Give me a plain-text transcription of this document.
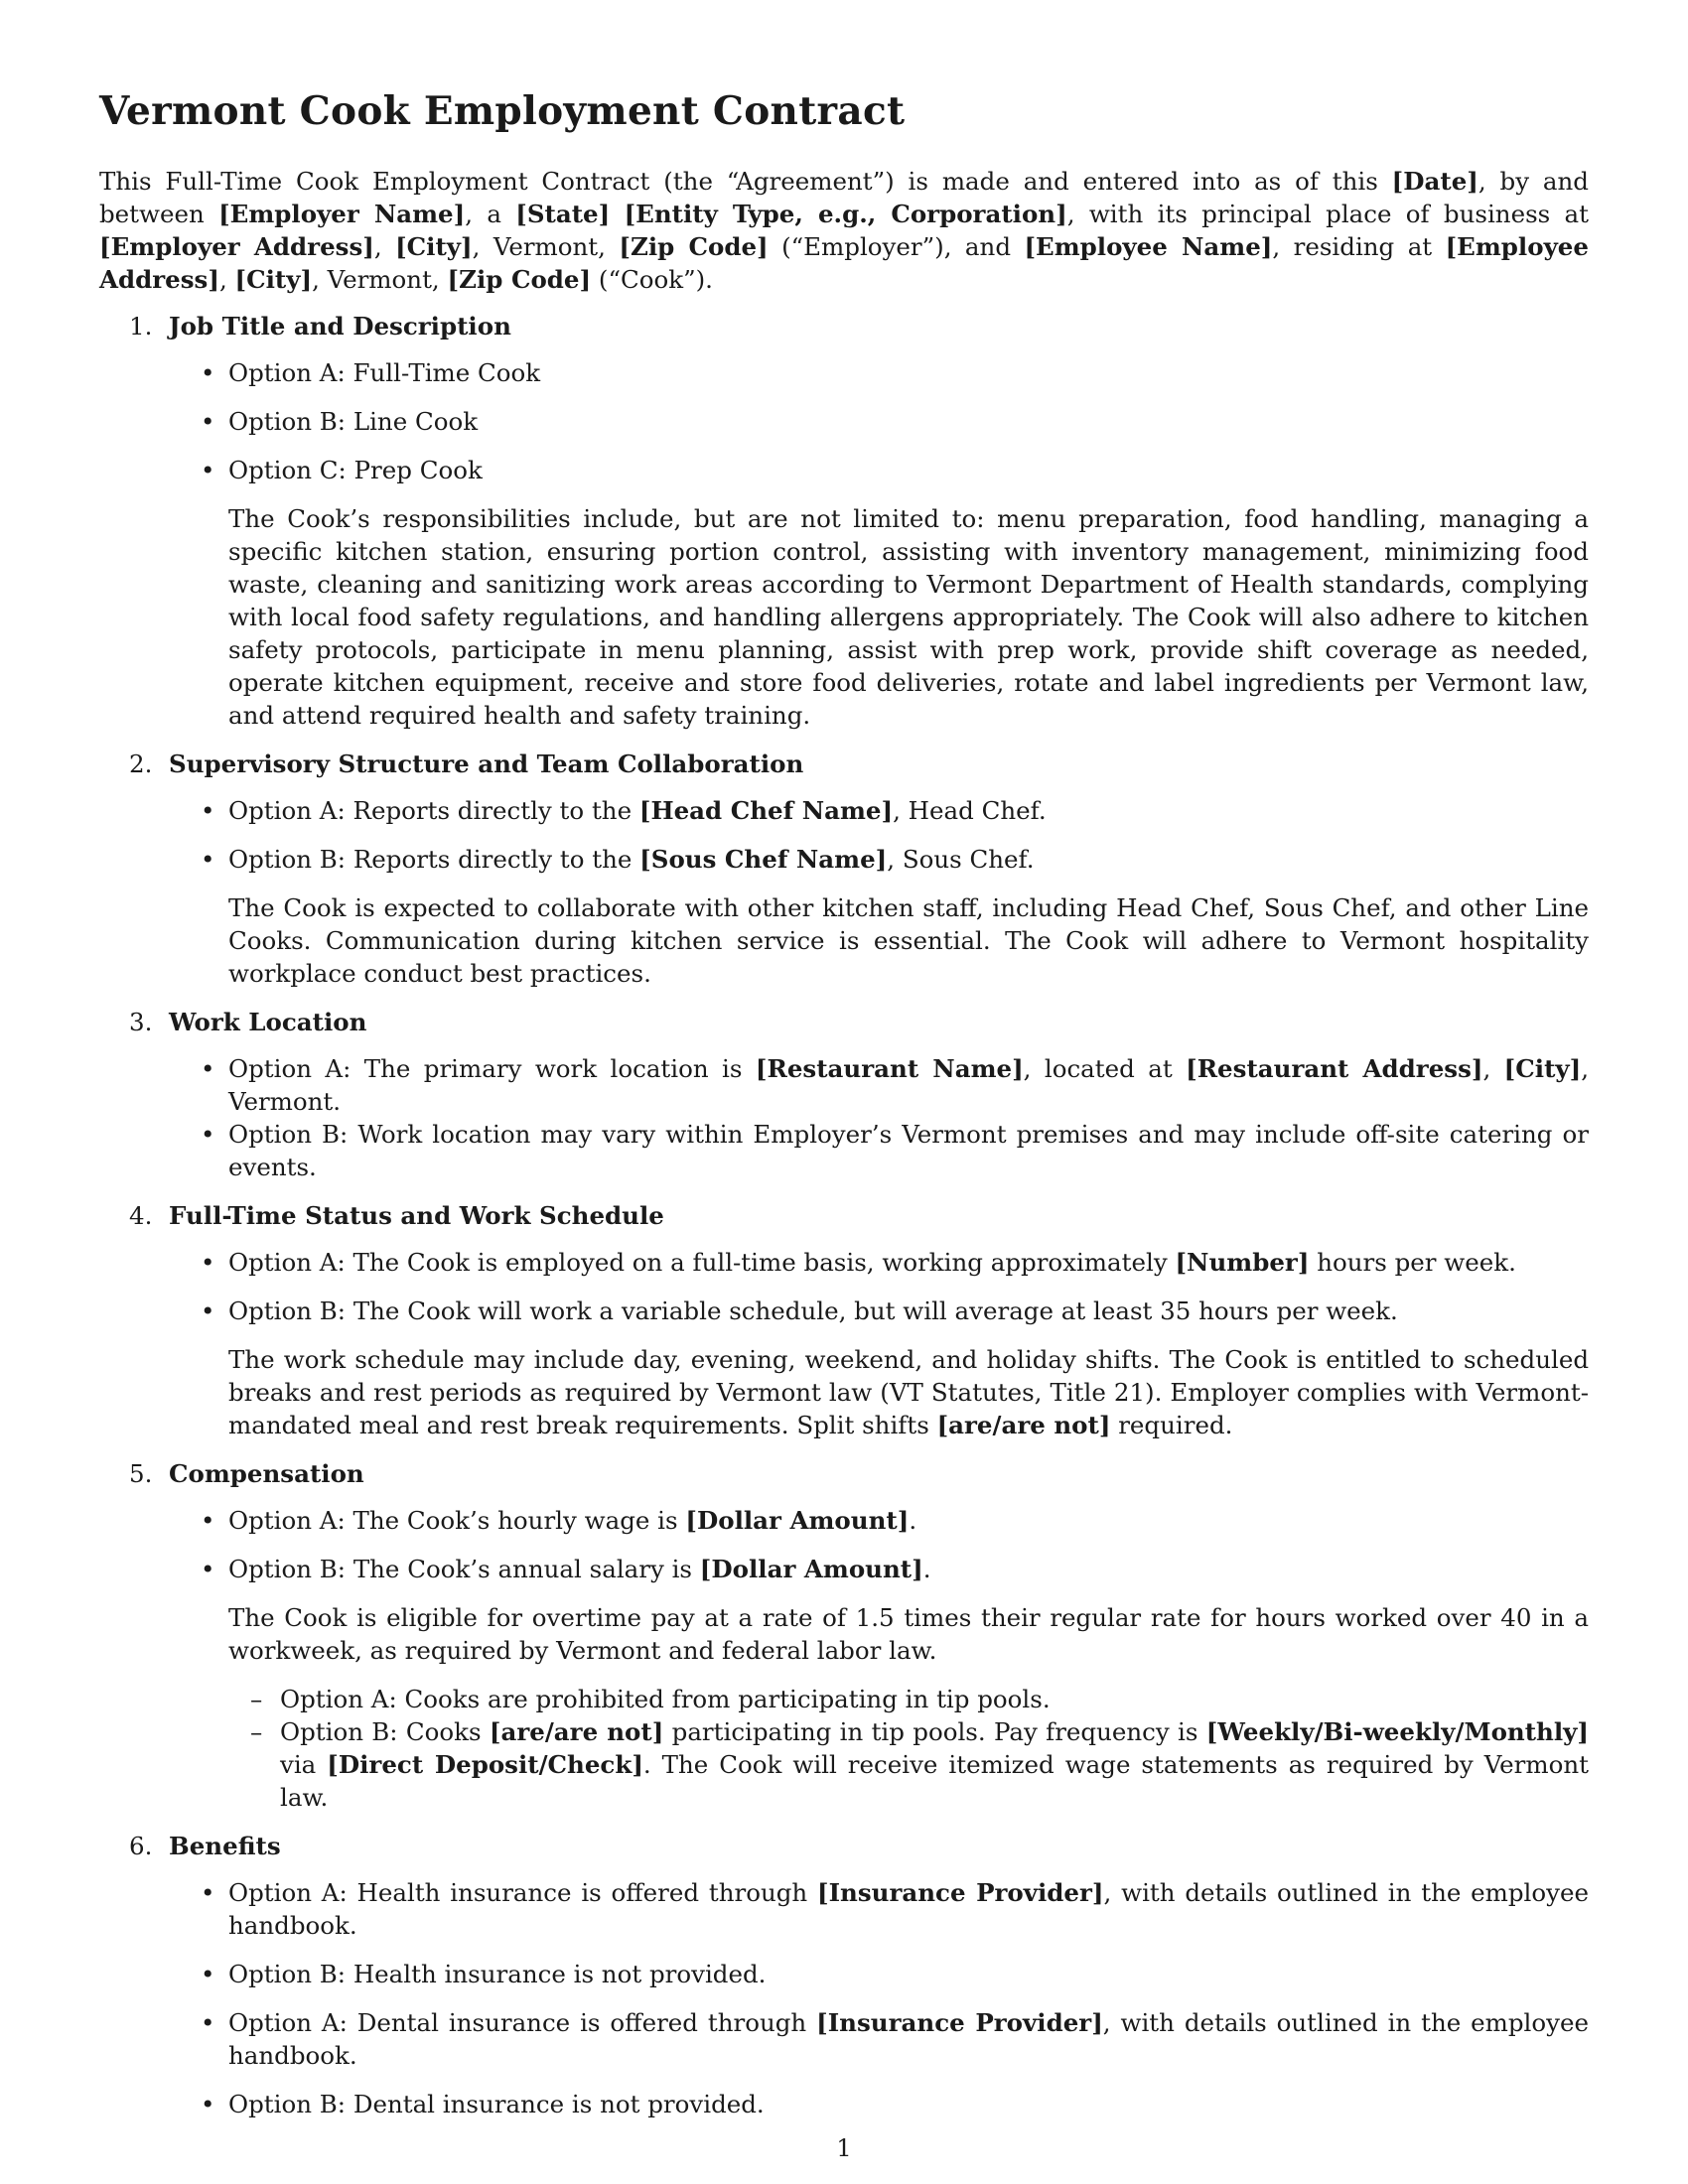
Vermont Cook Employment Contract

This Full-Time Cook Employment Contract (the “Agreement”) is made and entered into as of this [Date], by and between [Employer Name], a [State] [Entity Type, e.g., Corporation], with its principal place of business at [Employer Address], [City], Vermont, [Zip Code] (“Employer”), and [Employee Name], residing at [Employee Address], [City], Vermont, [Zip Code] (“Cook”).

1. Job Title and Description
• Option A: Full-Time Cook
• Option B: Line Cook
• Option C: Prep Cook

The Cook’s responsibilities include, but are not limited to: menu preparation, food handling, managing a specific kitchen station, ensuring portion control, assisting with inventory management, minimizing food waste, cleaning and sanitizing work areas according to Vermont Department of Health standards, complying with local food safety regulations, and handling allergens appropriately. The Cook will also adhere to kitchen safety protocols, participate in menu planning, assist with prep work, provide shift coverage as needed, operate kitchen equipment, receive and store food deliveries, rotate and label ingredients per Vermont law, and attend required health and safety training.

2. Supervisory Structure and Team Collaboration
• Option A: Reports directly to the [Head Chef Name], Head Chef.
• Option B: Reports directly to the [Sous Chef Name], Sous Chef.

The Cook is expected to collaborate with other kitchen staff, including Head Chef, Sous Chef, and other Line Cooks. Communication during kitchen service is essential. The Cook will adhere to Vermont hospitality workplace conduct best practices.

3. Work Location
• Option A: The primary work location is [Restaurant Name], located at [Restaurant Address], [City], Vermont.
• Option B: Work location may vary within Employer’s Vermont premises and may include off-site catering or events.
4. Full-Time Status and Work Schedule
• Option A: The Cook is employed on a full-time basis, working approximately [Number] hours per week.
• Option B: The Cook will work a variable schedule, but will average at least 35 hours per week.

The work schedule may include day, evening, weekend, and holiday shifts. The Cook is entitled to scheduled breaks and rest periods as required by Vermont law (VT Statutes, Title 21). Employer complies with Vermont-mandated meal and rest break requirements. Split shifts [are/are not] required.

5. Compensation
• Option A: The Cook’s hourly wage is [Dollar Amount].
• Option B: The Cook’s annual salary is [Dollar Amount].

The Cook is eligible for overtime pay at a rate of 1.5 times their regular rate for hours worked over 40 in a workweek, as required by Vermont and federal labor law.

– Option A: Cooks are prohibited from participating in tip pools.
– Option B: Cooks [are/are not] participating in tip pools. Pay frequency is [Weekly/Bi-weekly/Monthly] via [Direct Deposit/Check]. The Cook will receive itemized wage statements as required by Vermont law.
6. Benefits
• Option A: Health insurance is offered through [Insurance Provider], with details outlined in the employee handbook.
• Option B: Health insurance is not provided.
• Option A: Dental insurance is offered through [Insurance Provider], with details outlined in the employee handbook.
• Option B: Dental insurance is not provided.
1
